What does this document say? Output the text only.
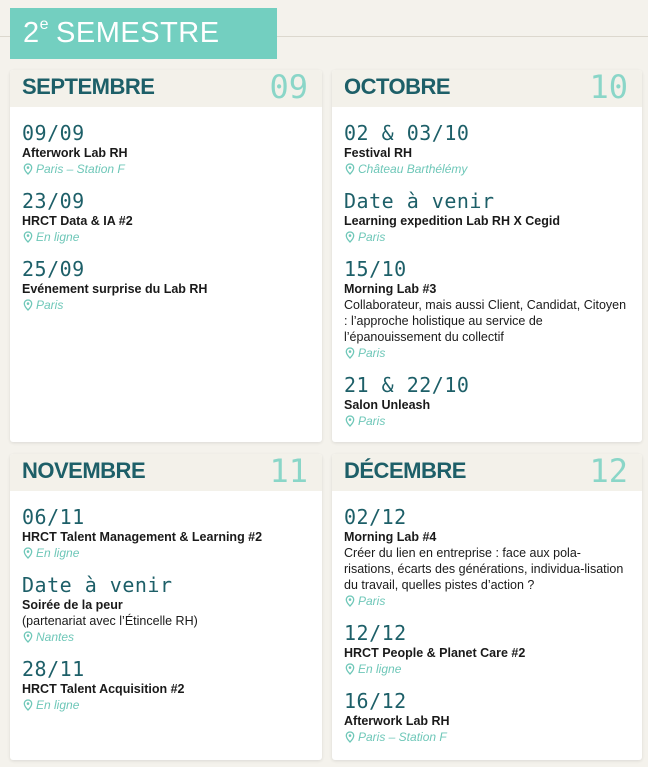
2e SEMESTRE
SEPTEMBRE	09
09/09
Afterwork Lab RH
Paris – Station F
23/09
HRCT Data & IA #2
En ligne
25/09
Evénement surprise du Lab RH
Paris
OCTOBRE	10
02 & 03/10
Festival RH
Château Barthélémy
Date à venir
Learning expedition Lab RH X Cegid
Paris
15/10
Morning Lab #3
Collaborateur, mais aussi Client, Candidat, Citoyen : l’approche holistique au service de l’épanouissement du collectif
Paris
21 & 22/10
Salon Unleash
Paris
NOVEMBRE	11
06/11
HRCT Talent Management & Learning #2
En ligne
Date à venir
Soirée de la peur
(partenariat avec l’Étincelle RH)
Nantes
28/11
HRCT Talent Acquisition #2
En ligne
DÉCEMBRE	12
02/12
Morning Lab #4
Créer du lien en entreprise : face aux pola-risations, écarts des générations, individua-lisation du travail, quelles pistes d’action ?
Paris
12/12
HRCT People & Planet Care #2
En ligne
16/12
Afterwork Lab RH
Paris – Station F
